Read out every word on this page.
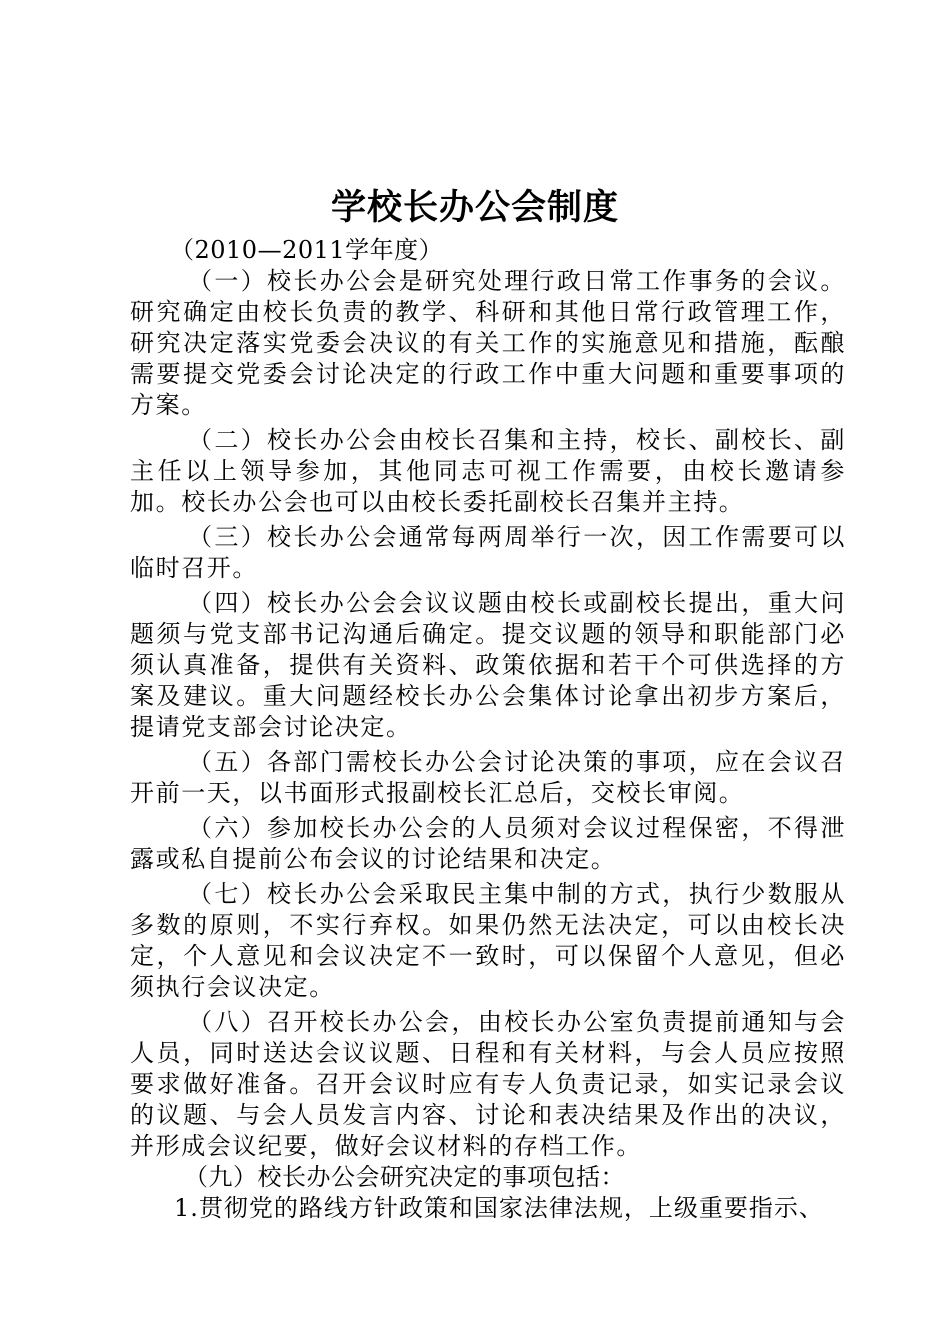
学校长办公会制度

（2010—2011学年度）

（一）校长办公会是研究处理行政日常工作事务的会议。研究确定由校长负责的教学、科研和其他日常行政管理工作，研究决定落实党委会决议的有关工作的实施意见和措施，酝酿需要提交党委会讨论决定的行政工作中重大问题和重要事项的方案。

（二）校长办公会由校长召集和主持，校长、副校长、副主任以上领导参加，其他同志可视工作需要，由校长邀请参加。校长办公会也可以由校长委托副校长召集并主持。

（三）校长办公会通常每两周举行一次，因工作需要可以临时召开。

（四）校长办公会会议议题由校长或副校长提出，重大问题须与党支部书记沟通后确定。提交议题的领导和职能部门必须认真准备，提供有关资料、政策依据和若干个可供选择的方案及建议。重大问题经校长办公会集体讨论拿出初步方案后，提请党支部会讨论决定。

（五）各部门需校长办公会讨论决策的事项，应在会议召开前一天，以书面形式报副校长汇总后，交校长审阅。

（六）参加校长办公会的人员须对会议过程保密，不得泄露或私自提前公布会议的讨论结果和决定。

（七）校长办公会采取民主集中制的方式，执行少数服从多数的原则，不实行弃权。如果仍然无法决定，可以由校长决定，个人意见和会议决定不一致时，可以保留个人意见，但必须执行会议决定。

（八）召开校长办公会，由校长办公室负责提前通知与会人员，同时送达会议议题、日程和有关材料，与会人员应按照要求做好准备。召开会议时应有专人负责记录，如实记录会议的议题、与会人员发言内容、讨论和表决结果及作出的决议，并形成会议纪要，做好会议材料的存档工作。

（九）校长办公会研究决定的事项包括：

1.贯彻党的路线方针政策和国家法律法规，上级重要指示、
